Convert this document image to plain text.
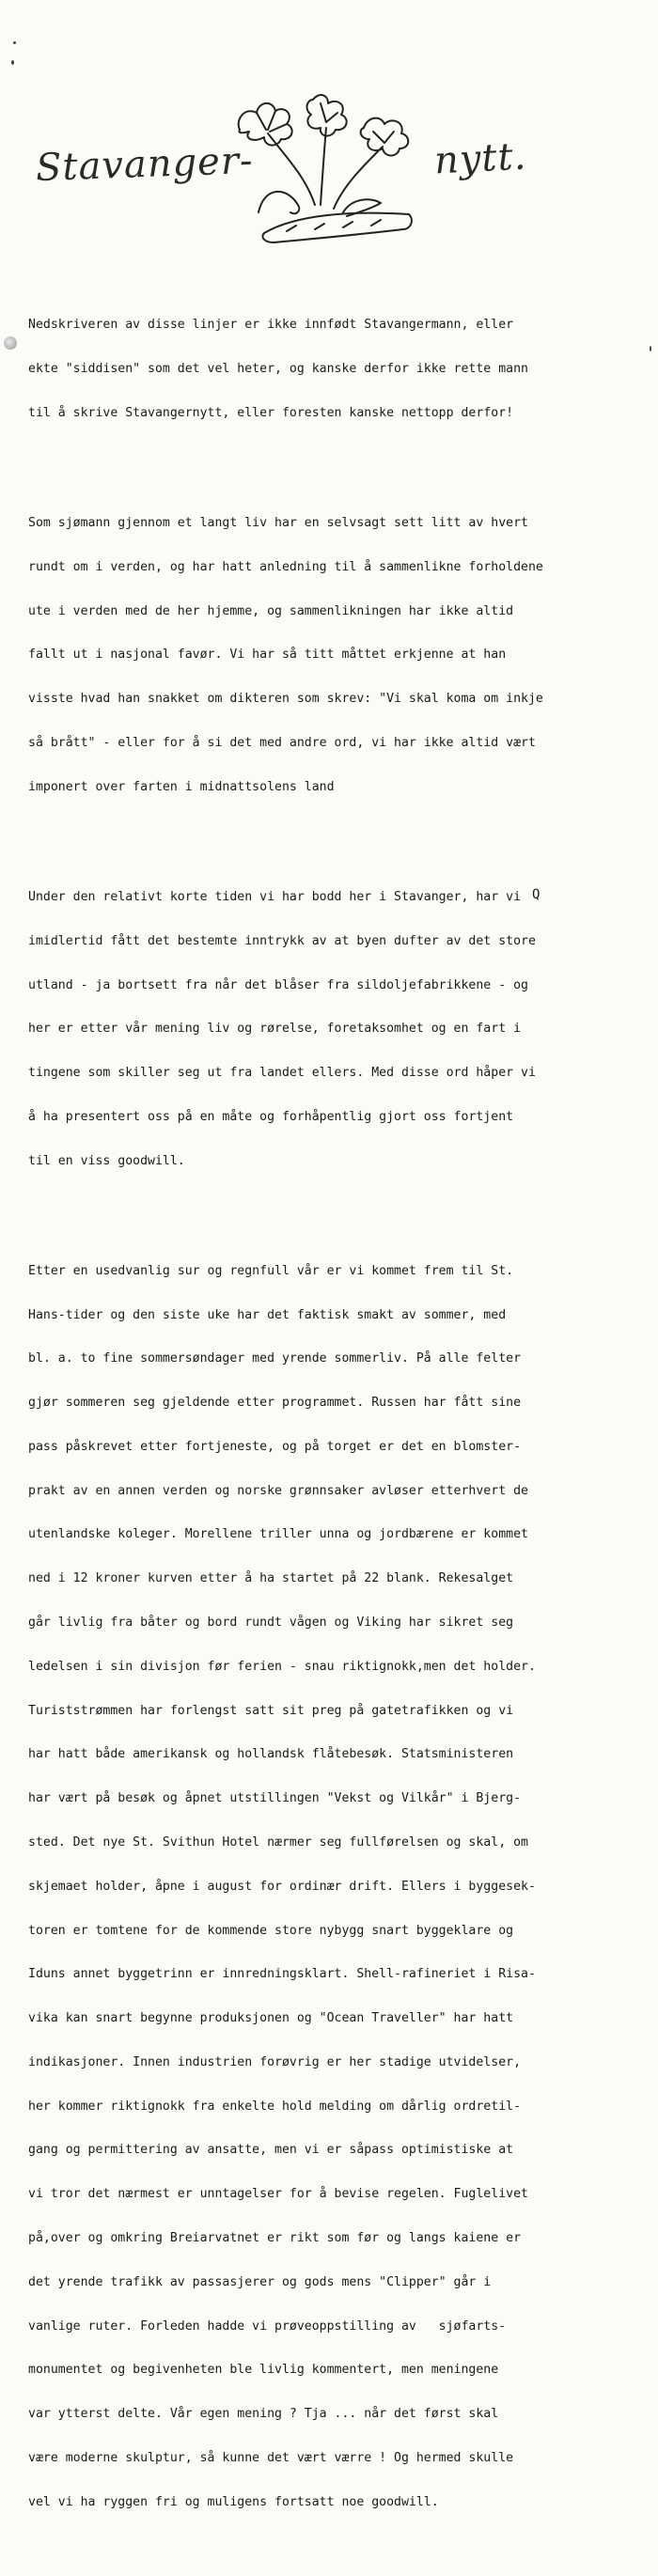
Stavanger-	nytt.

Nedskriveren av disse linjer er ikke innfødt Stavangermann, eller

ekte "siddisen" som det vel heter, og kanske derfor ikke rette mann

til å skrive Stavangernytt, eller foresten kanske nettopp derfor!

Som sjømann gjennom et langt liv har en selvsagt sett litt av hvert

rundt om i verden, og har hatt anledning til å sammenlikne forholdene

ute i verden med de her hjemme, og sammenlikningen har ikke altid

fallt ut i nasjonal favør. Vi har så titt måttet erkjenne at han

visste hvad han snakket om dikteren som skrev: "Vi skal koma om inkje

så brått" - eller for å si det med andre ord, vi har ikke altid vært

imponert over farten i midnattsolens land

Under den relativt korte tiden vi har bodd her i Stavanger, har vi

imidlertid fått det bestemte inntrykk av at byen dufter av det store

utland - ja bortsett fra når det blåser fra sildoljefabrikkene - og

her er etter vår mening liv og rørelse, foretaksomhet og en fart i

tingene som skiller seg ut fra landet ellers. Med disse ord håper vi

å ha presentert oss på en måte og forhåpentlig gjort oss fortjent

til en viss goodwill.

Etter en usedvanlig sur og regnfull vår er vi kommet frem til St.

Hans-tider og den siste uke har det faktisk smakt av sommer, med

bl. a. to fine sommersøndager med yrende sommerliv. På alle felter

gjør sommeren seg gjeldende etter programmet. Russen har fått sine

pass påskrevet etter fortjeneste, og på torget er det en blomster-

prakt av en annen verden og norske grønnsaker avløser etterhvert de

utenlandske koleger. Morellene triller unna og jordbærene er kommet

ned i 12 kroner kurven etter å ha startet på 22 blank. Rekesalget

går livlig fra båter og bord rundt vågen og Viking har sikret seg

ledelsen i sin divisjon før ferien - snau riktignokk,men det holder.

Turiststrømmen har forlengst satt sit preg på gatetrafikken og vi

har hatt både amerikansk og hollandsk flåtebesøk. Statsministeren

har vært på besøk og åpnet utstillingen "Vekst og Vilkår" i Bjerg-

sted. Det nye St. Svithun Hotel nærmer seg fullførelsen og skal, om

skjemaet holder, åpne i august for ordinær drift. Ellers i byggesek-

toren er tomtene for de kommende store nybygg snart byggeklare og

Iduns annet byggetrinn er innredningsklart. Shell-rafineriet i Risa-

vika kan snart begynne produksjonen og "Ocean Traveller" har hatt

indikasjoner. Innen industrien forøvrig er her stadige utvidelser,

her kommer riktignokk fra enkelte hold melding om dårlig ordretil-

gang og permittering av ansatte, men vi er såpass optimistiske at

vi tror det nærmest er unntagelser for å bevise regelen. Fuglelivet

på,over og omkring Breiarvatnet er rikt som før og langs kaiene er

det yrende trafikk av passasjerer og gods mens "Clipper" går i

vanlige ruter. Forleden hadde vi prøveoppstilling av   sjøfarts-

monumentet og begivenheten ble livlig kommentert, men meningene

var ytterst delte. Vår egen mening ? Tja ... når det først skal

være moderne skulptur, så kunne det vært værre ! Og hermed skulle

vel vi ha ryggen fri og muligens fortsatt noe goodwill.

Q
